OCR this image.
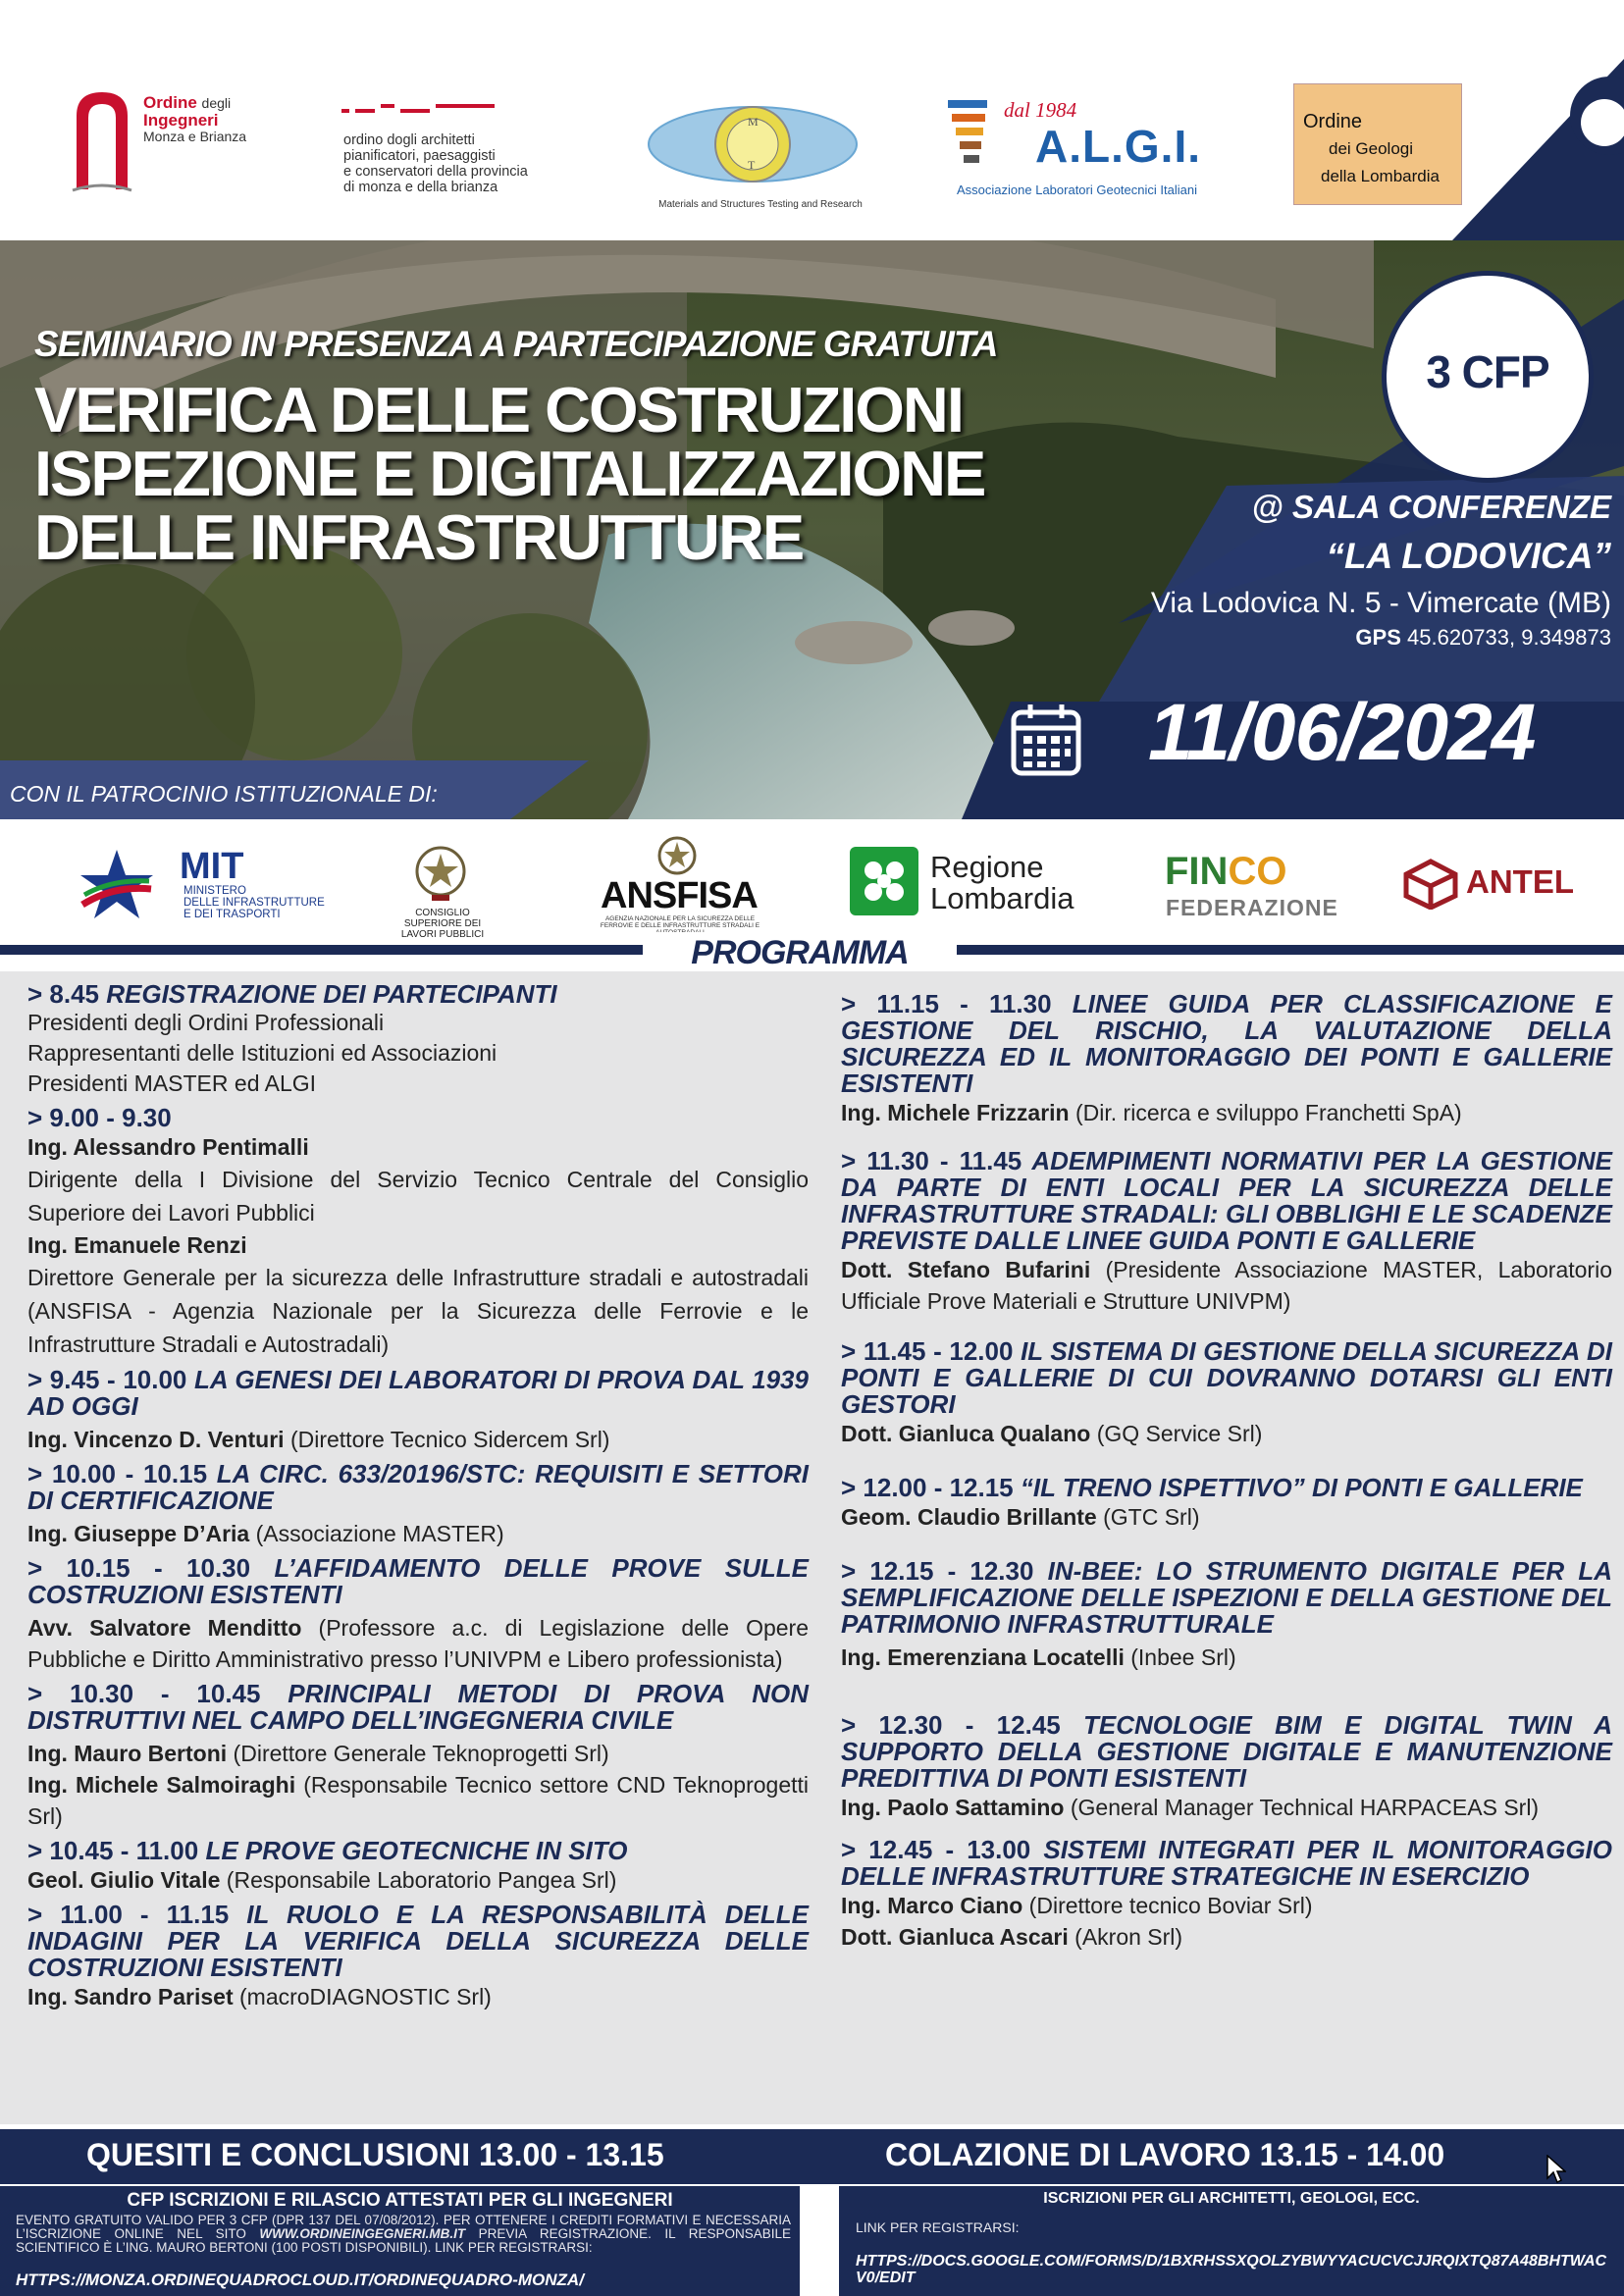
Ordine degli
Ingegneri
Monza e Brianza	ordino dogli architetti
pianificatori, paesaggisti
e conservatori della provincia
di monza e della brianza
M
T
Materials and Structures Testing and Research
dal 1984
A.L.G.I.
Associazione Laboratori Geotecnici Italiani
Ordine
dei Geologi
della Lombardia
SEMINARIO IN PRESENZA A PARTECIPAZIONE GRATUITA
VERIFICA DELLE COSTRUZIONI
ISPEZIONE E DIGITALIZZAZIONE
DELLE INFRASTRUTTURE
3 CFP
@ SALA CONFERENZE
“LA LODOVICA”
Via Lodovica N. 5 - Vimercate (MB)
GPS 45.620733, 9.349873
11/06/2024
CON IL PATROCINIO ISTITUZIONALE DI:
MIT
MINISTERO
DELLE INFRASTRUTTURE
E DEI TRASPORTI	CONSIGLIO SUPERIORE DEI LAVORI PUBBLICI
ANSFISA
AGENZIA NAZIONALE PER LA SICUREZZA DELLE FERROVIE E DELLE INFRASTRUTTURE STRADALI E
Regione
Lombardia
FINCO
FEDERAZIONE
ANTEL
PROGRAMMA
> 8.45 REGISTRAZIONE DEI PARTECIPANTI
Presidenti degli Ordini Professionali
Rappresentanti delle Istituzioni ed Associazioni
Presidenti MASTER ed ALGI
> 9.00 - 9.30
Ing. Alessandro Pentimalli
Dirigente della I Divisione del Servizio Tecnico Centrale del Consiglio Superiore dei Lavori Pubblici
Ing. Emanuele Renzi
Direttore Generale per la sicurezza delle Infrastrutture stradali e autostradali (ANSFISA - Agenzia Nazionale per la Sicurezza delle Ferrovie e le Infrastrutture Stradali e Autostradali)
> 9.45 - 10.00 LA GENESI DEI LABORATORI DI PROVA DAL 1939 AD OGGI
Ing. Vincenzo D. Venturi (Direttore Tecnico Sidercem Srl)
> 10.00 - 10.15 LA CIRC. 633/20196/STC: REQUISITI E SETTORI DI CERTIFICAZIONE
Ing. Giuseppe D’Aria (Associazione MASTER)
> 10.15 - 10.30 L’AFFIDAMENTO DELLE PROVE SULLE COSTRUZIONI ESISTENTI
Avv. Salvatore Menditto (Professore a.c. di Legislazione delle Opere Pubbliche e Diritto Amministrativo presso l’UNIVPM e Libero professionista)
> 10.30 - 10.45 PRINCIPALI METODI DI PROVA NON DISTRUTTIVI NEL CAMPO DELL’INGEGNERIA CIVILE
Ing. Mauro Bertoni (Direttore Generale Teknoprogetti Srl)
Ing. Michele Salmoiraghi (Responsabile Tecnico settore CND Teknoprogetti Srl)
> 10.45 - 11.00 LE PROVE GEOTECNICHE IN SITO
Geol. Giulio Vitale (Responsabile Laboratorio Pangea Srl)
> 11.00 - 11.15 IL RUOLO E LA RESPONSABILITÀ DELLE INDAGINI PER LA VERIFICA DELLA SICUREZZA DELLE COSTRUZIONI ESISTENTI
Ing. Sandro Pariset (macroDIAGNOSTIC Srl)
> 11.15 - 11.30 LINEE GUIDA PER CLASSIFICAZIONE E GESTIONE DEL RISCHIO, LA VALUTAZIONE DELLA SICUREZZA ED IL MONITORAGGIO DEI PONTI E GALLERIE ESISTENTI
Ing. Michele Frizzarin (Dir. ricerca e sviluppo Franchetti SpA)
> 11.30 - 11.45 ADEMPIMENTI NORMATIVI PER LA GESTIONE DA PARTE DI ENTI LOCALI PER LA SICUREZZA DELLE INFRASTRUTTURE STRADALI: GLI OBBLIGHI E LE SCADENZE PREVISTE DALLE LINEE GUIDA PONTI E GALLERIE
Dott. Stefano Bufarini (Presidente Associazione MASTER, Laboratorio Ufficiale Prove Materiali e Strutture UNIVPM)
> 11.45 - 12.00 IL SISTEMA DI GESTIONE DELLA SICUREZZA DI PONTI E GALLERIE DI CUI DOVRANNO DOTARSI GLI ENTI GESTORI
Dott. Gianluca Qualano (GQ Service Srl)
> 12.00 - 12.15 “IL TRENO ISPETTIVO” DI PONTI E GALLERIE
Geom. Claudio Brillante (GTC Srl)
> 12.15 - 12.30 IN-BEE: LO STRUMENTO DIGITALE PER LA SEMPLIFICAZIONE DELLE ISPEZIONI E DELLA GESTIONE DEL PATRIMONIO INFRASTRUTTURALE
Ing. Emerenziana Locatelli (Inbee Srl)
> 12.30 - 12.45 TECNOLOGIE BIM E DIGITAL TWIN A SUPPORTO DELLA GESTIONE DIGITALE E MANUTENZIONE PREDITTIVA DI PONTI ESISTENTI
Ing. Paolo Sattamino (General Manager Technical HARPACEAS Srl)
> 12.45 - 13.00 SISTEMI INTEGRATI PER IL MONITORAGGIO DELLE INFRASTRUTTURE STRATEGICHE IN ESERCIZIO
Ing. Marco Ciano (Direttore tecnico Boviar Srl)
Dott. Gianluca Ascari (Akron Srl)
QUESITI E CONCLUSIONI 13.00 - 13.15	COLAZIONE DI LAVORO 13.15 - 14.00
CFP ISCRIZIONI E RILASCIO ATTESTATI PER GLI INGEGNERI
EVENTO GRATUITO VALIDO PER 3 CFP (DPR 137 DEL 07/08/2012). PER OTTENERE I CREDITI FORMATIVI E NECESSARIA L’ISCRIZIONE ONLINE NEL SITO WWW.ORDINEINGEGNERI.MB.IT PREVIA REGISTRAZIONE. IL RESPONSABILE SCIENTIFICO È L’ING. MAURO BERTONI (100 POSTI DISPONIBILI). LINK PER REGISTRARSI:
HTTPS://MONZA.ORDINEQUADROCLOUD.IT/ORDINEQUADRO-MONZA/
ISCRIZIONI PER GLI ARCHITETTI, GEOLOGI, ECC.
LINK PER REGISTRARSI:
HTTPS://DOCS.GOOGLE.COM/FORMS/D/1BXRHSSXQOLZYBWYYACUCVCJJRQIXTQ87A48BHTWACV0/EDIT
